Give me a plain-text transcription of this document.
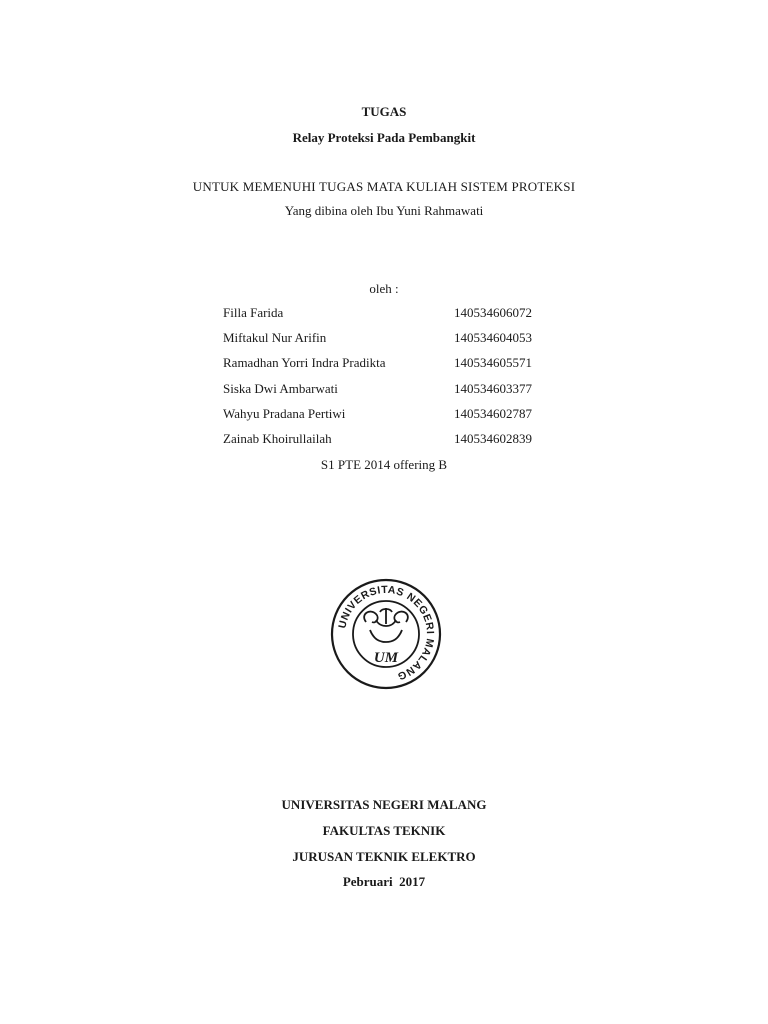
TUGAS
Relay Proteksi Pada Pembangkit
UNTUK MEMENUHI TUGAS MATA KULIAH SISTEM PROTEKSI
Yang dibina oleh Ibu Yuni Rahmawati
oleh :
Filla Farida	140534606072
Miftakul Nur Arifin	140534604053
Ramadhan Yorri Indra Pradikta	140534605571
Siska Dwi Ambarwati	140534603377
Wahyu Pradana Pertiwi	140534602787
Zainab Khoirullailah	140534602839
S1 PTE 2014 offering B
UNIVERSITAS NEGERI MALANG
UM
UNIVERSITAS NEGERI MALANG
FAKULTAS TEKNIK
JURUSAN TEKNIK ELEKTRO
Pebruari  2017
